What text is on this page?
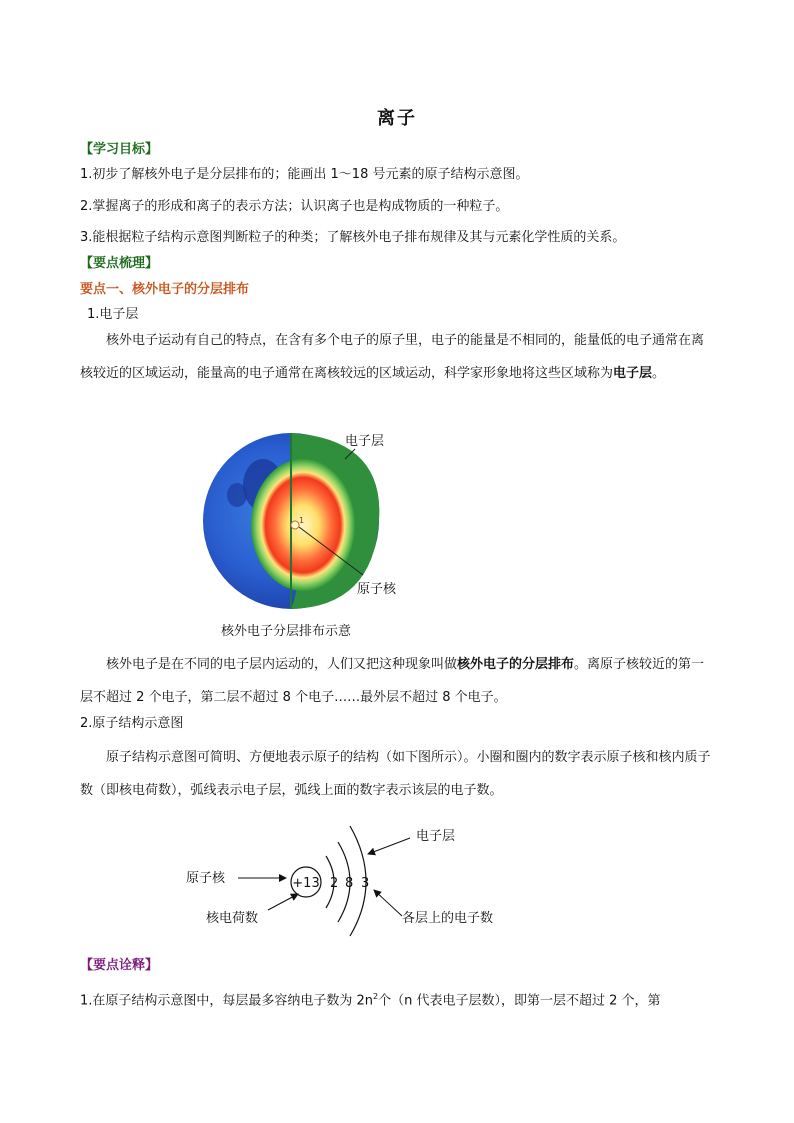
离子
【学习目标】
1.初步了解核外电子是分层排布的；能画出 1～18 号元素的原子结构示意图。
2.掌握离子的形成和离子的表示方法；认识离子也是构成物质的一种粒子。
3.能根据粒子结构示意图判断粒子的种类；了解核外电子排布规律及其与元素化学性质的关系。
【要点梳理】
要点一、核外电子的分层排布
1.电子层
核外电子运动有自己的特点，在含有多个电子的原子里，电子的能量是不相同的，能量低的电子通常在离核较近的区域运动，能量高的电子通常在离核较远的区域运动，科学家形象地将这些区域称为电子层。
1
电子层
原子核
核外电子分层排布示意
核外电子是在不同的电子层内运动的，人们又把这种现象叫做核外电子的分层排布。离原子核较近的第一层不超过 2 个电子，第二层不超过 8 个电子……最外层不超过 8 个电子。
2.原子结构示意图
原子结构示意图可简明、方便地表示原子的结构（如下图所示）。小圈和圈内的数字表示原子核和核内质子数（即核电荷数），弧线表示电子层，弧线上面的数字表示该层的电子数。
+13 2 8 3
原子核
核电荷数
电子层
各层上的电子数
【要点诠释】
1.在原子结构示意图中，每层最多容纳电子数为 $2n^2$个（n 代表电子层数），即第一层不超过 2 个，第
